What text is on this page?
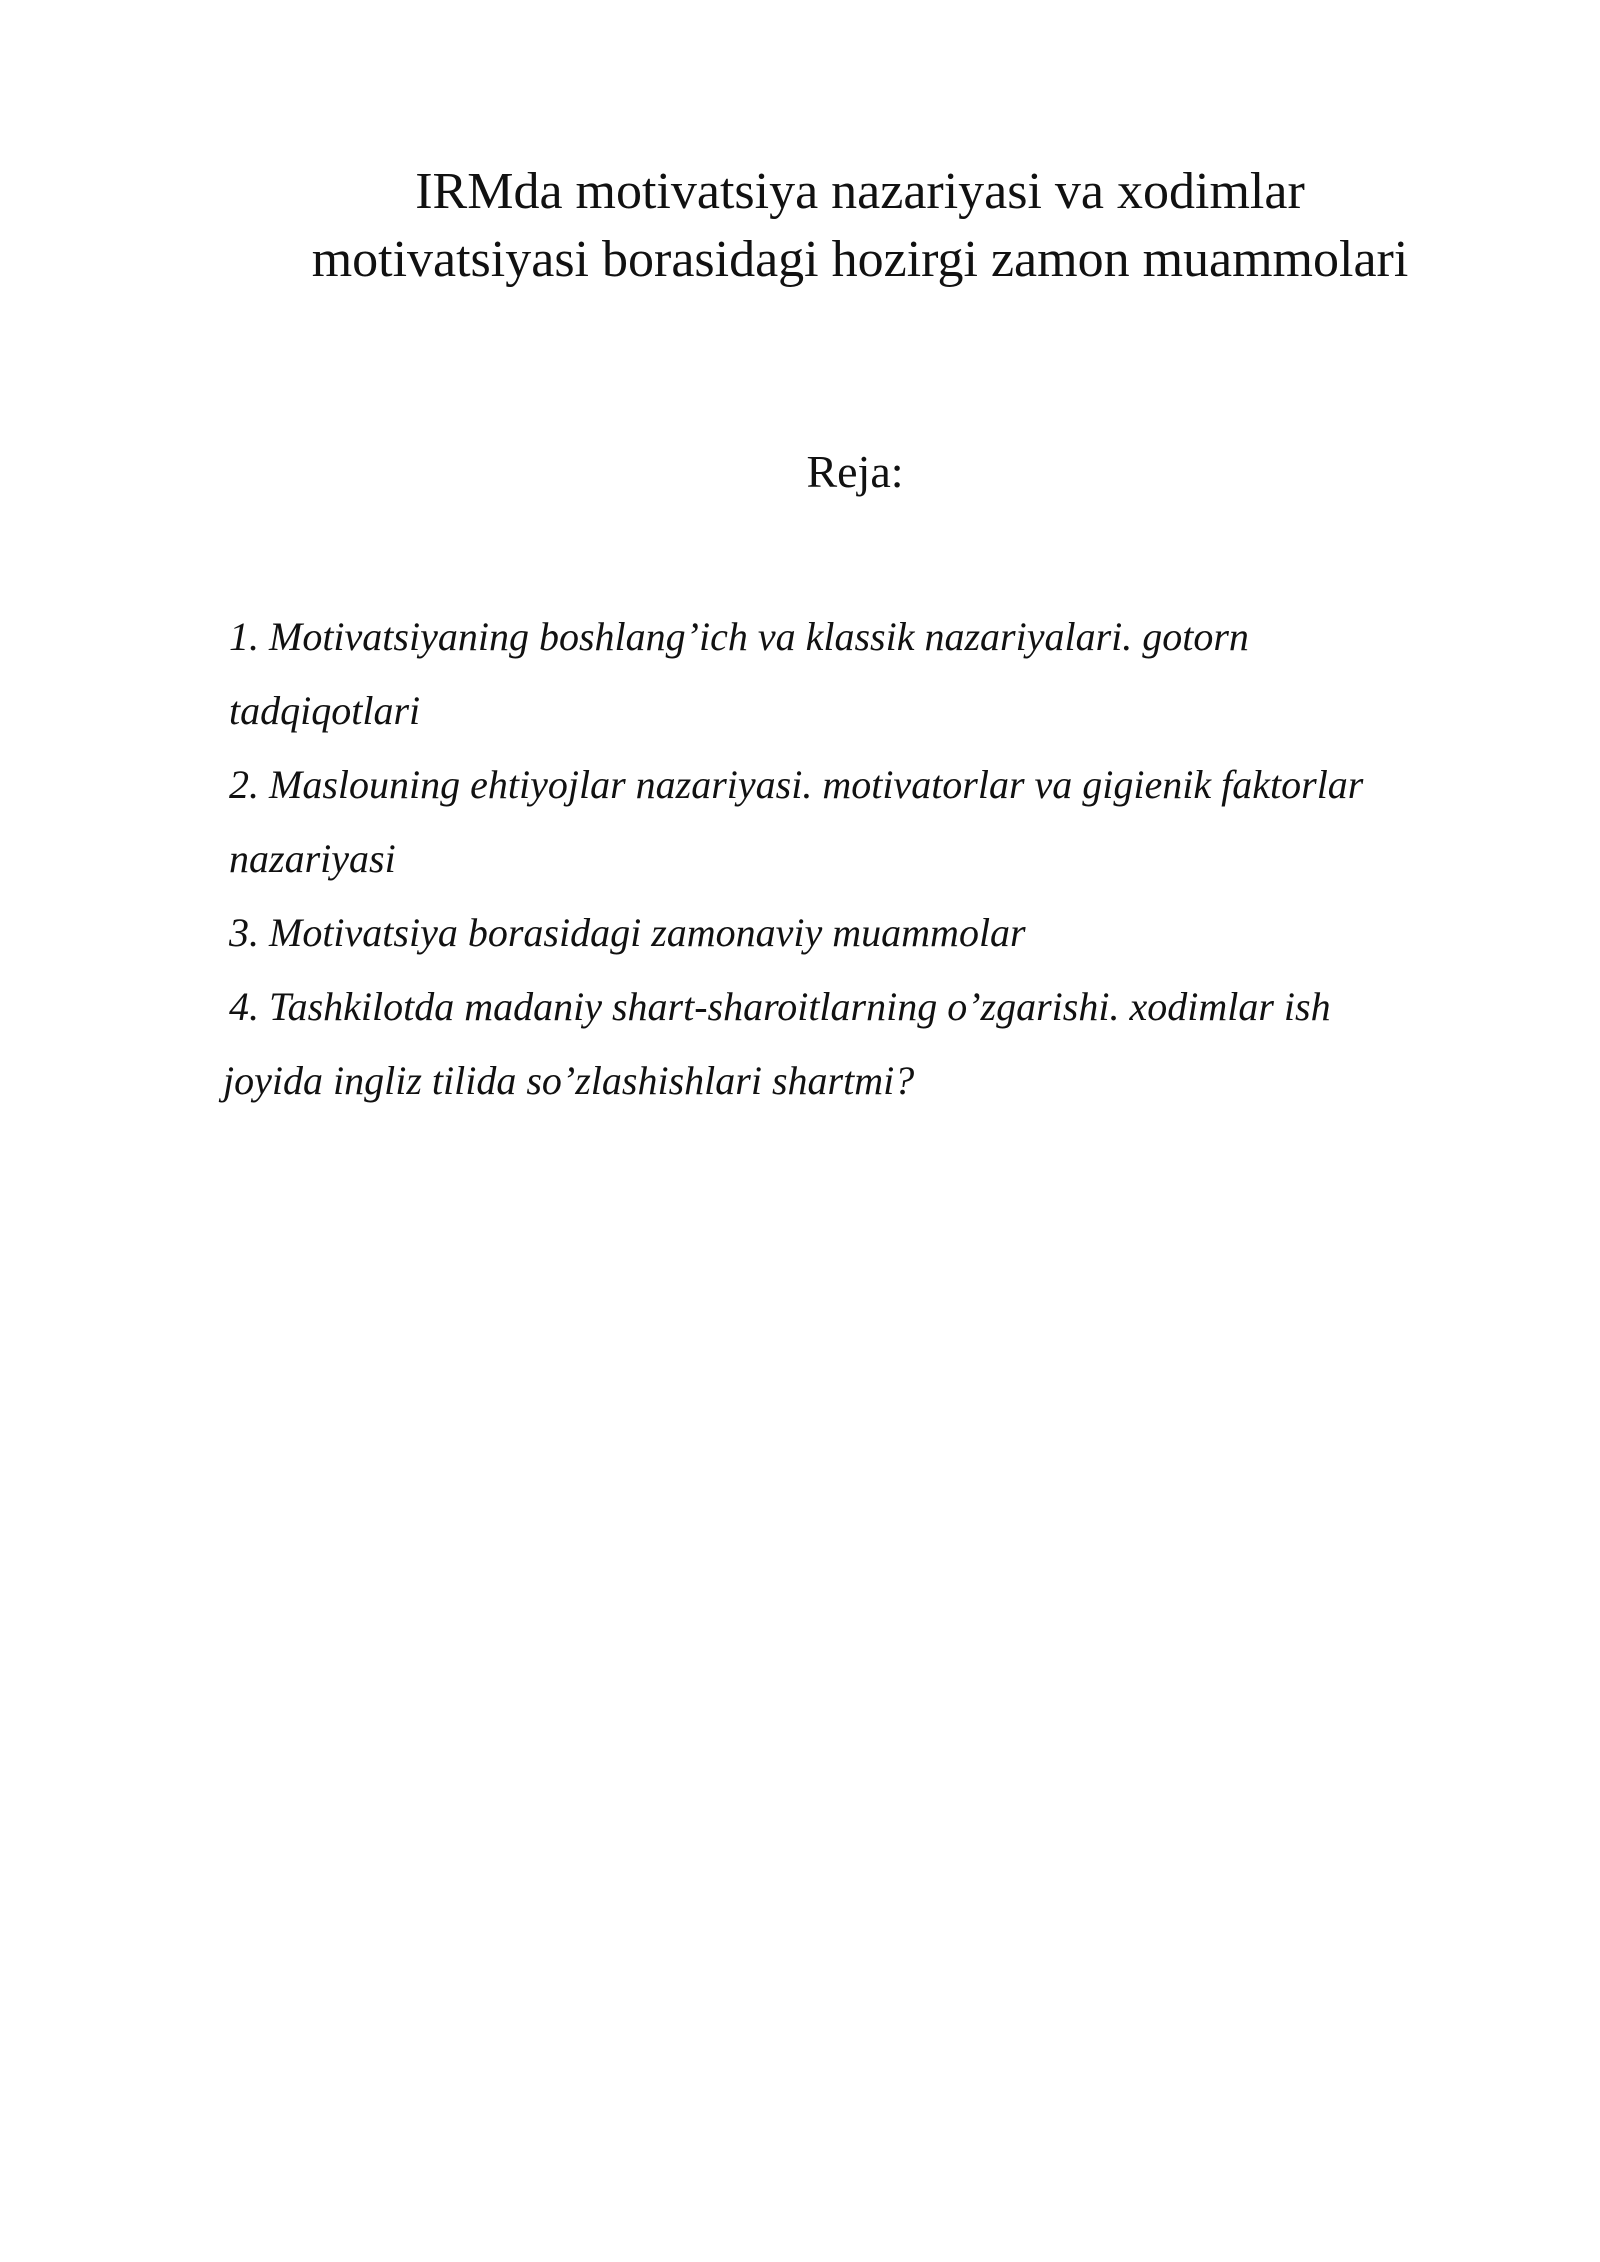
IRMda motivatsiya nazariyasi va xodimlar
motivatsiyasi borasidagi hozirgi zamon muammolari
Reja:
1. Motivatsiyaning boshlang’ich va klassik nazariyalari. gotorn
tadqiqotlari
2. Maslouning ehtiyojlar nazariyasi. motivatorlar va gigienik faktorlar
nazariyasi
3. Motivatsiya borasidagi zamonaviy muammolar
4. Tashkilotda madaniy shart-sharoitlarning o’zgarishi. xodimlar ish
joyida ingliz tilida so’zlashishlari shartmi?
